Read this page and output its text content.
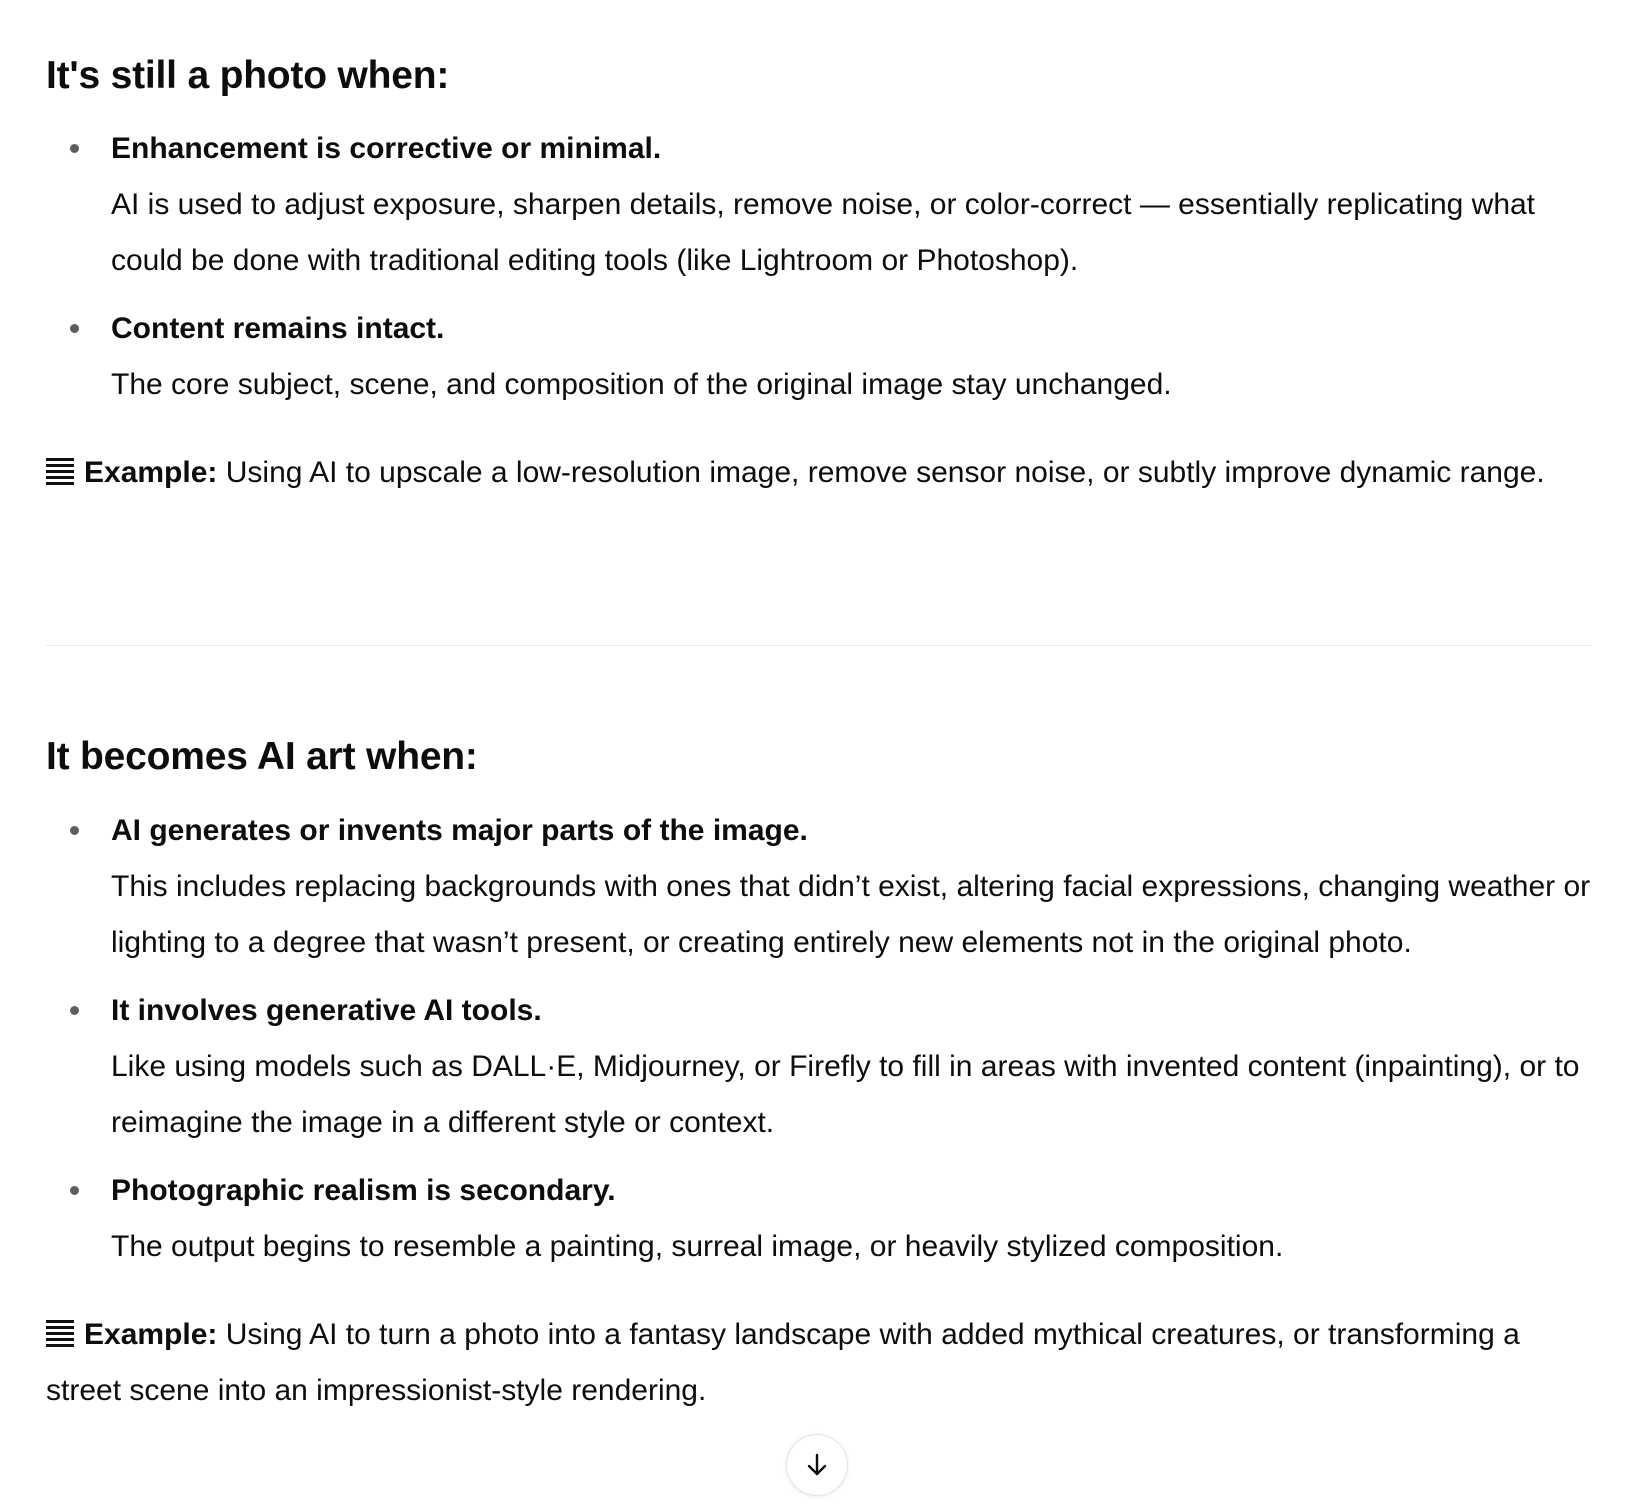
It's still a photo when:
Enhancement is corrective or minimal.
AI is used to adjust exposure, sharpen details, remove noise, or color-correct — essentially replicating what could be done with traditional editing tools (like Lightroom or Photoshop).
Content remains intact.
The core subject, scene, and composition of the original image stay unchanged.

Example: Using AI to upscale a low-resolution image, remove sensor noise, or subtly improve dynamic range.

It becomes AI art when:
AI generates or invents major parts of the image.
This includes replacing backgrounds with ones that didn’t exist, altering facial expressions, changing weather or lighting to a degree that wasn’t present, or creating entirely new elements not in the original photo.
It involves generative AI tools.
Like using models such as DALL·E, Midjourney, or Firefly to fill in areas with invented content (inpainting), or to reimagine the image in a different style or context.
Photographic realism is secondary.
The output begins to resemble a painting, surreal image, or heavily stylized composition.

Example: Using AI to turn a photo into a fantasy landscape with added mythical creatures, or transforming a street scene into an impressionist-style rendering.
